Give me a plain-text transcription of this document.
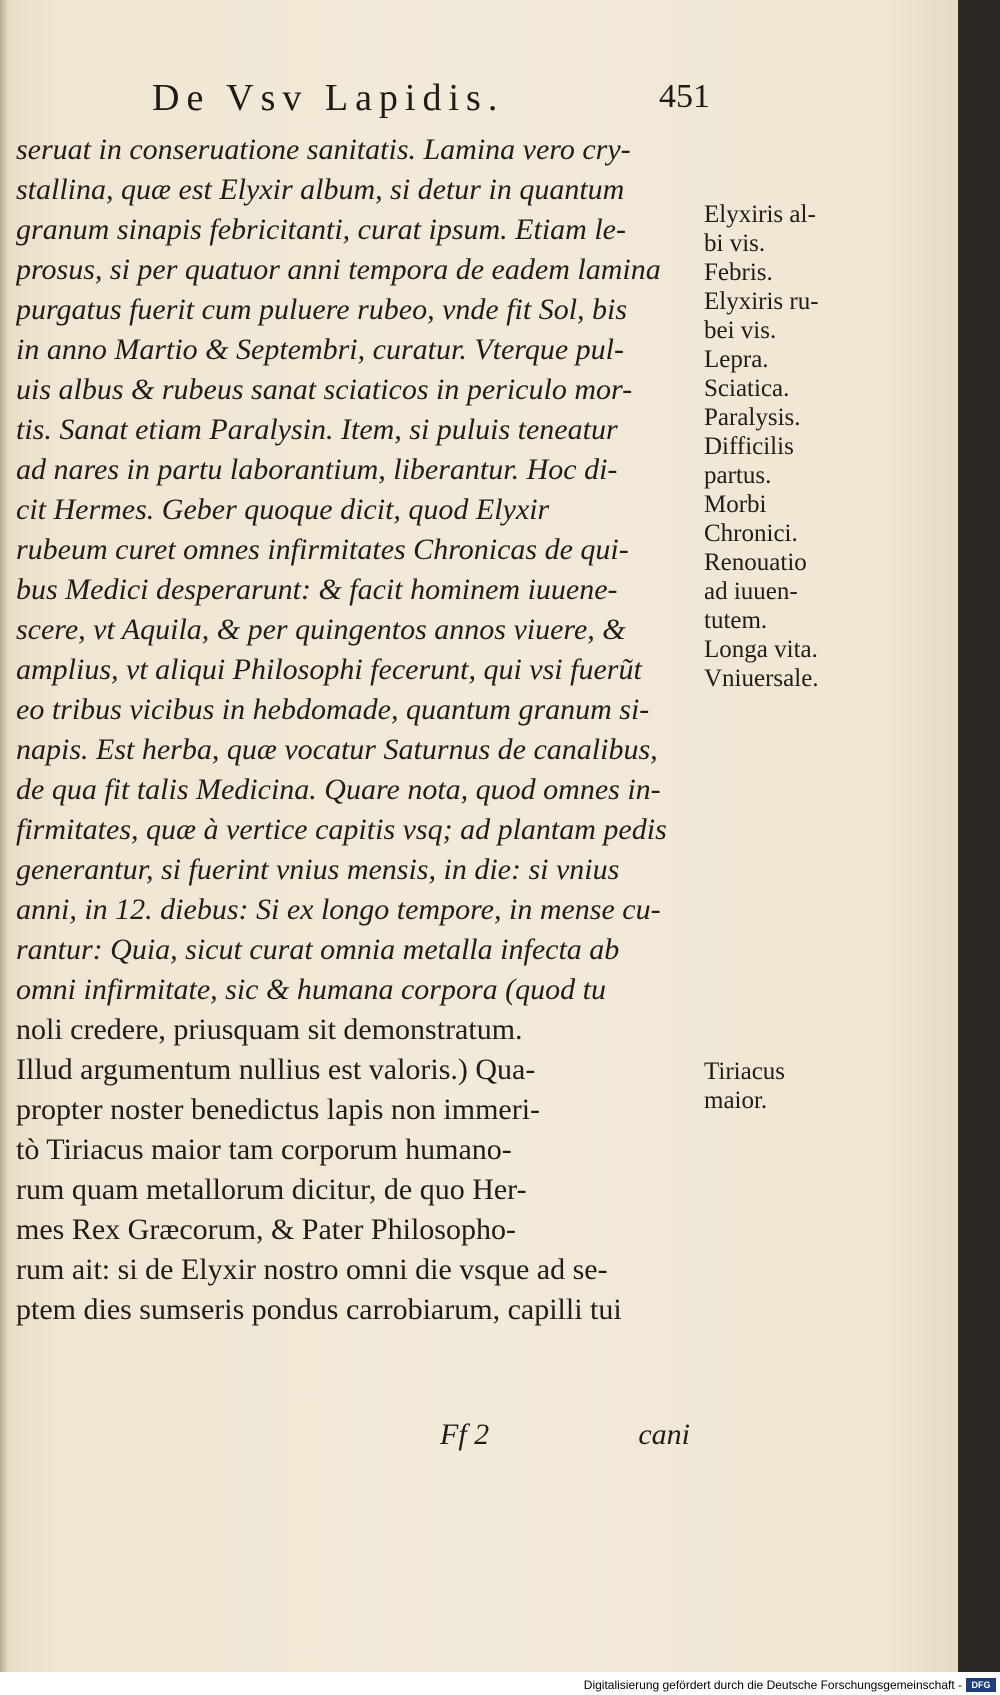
De Vsv Lapidis.	451
seruat in conseruatione sanitatis. Lamina vero cry-
stallina, quæ est Elyxir album, si detur in quantum
granum sinapis febricitanti, curat ipsum. Etiam le-
prosus, si per quatuor anni tempora de eadem lamina
purgatus fuerit cum puluere rubeo, vnde fit Sol, bis
in anno Martio & Septembri, curatur. Vterque pul-
uis albus & rubeus sanat sciaticos in periculo mor-
tis. Sanat etiam Paralysin. Item, si puluis teneatur
ad nares in partu laborantium, liberantur. Hoc di-
cit Hermes. Geber quoque dicit, quod Elyxir
rubeum curet omnes infirmitates Chronicas de qui-
bus Medici desperarunt: & facit hominem iuuene-
scere, vt Aquila, & per quingentos annos viuere, &
amplius, vt aliqui Philosophi fecerunt, qui vsi fuerũt
eo tribus vicibus in hebdomade, quantum granum si-
napis. Est herba, quæ vocatur Saturnus de canalibus,
de qua fit talis Medicina. Quare nota, quod omnes in-
firmitates, quæ à vertice capitis vsq; ad plantam pedis
generantur, si fuerint vnius mensis, in die: si vnius
anni, in 12. diebus: Si ex longo tempore, in mense cu-
rantur: Quia, sicut curat omnia metalla infecta ab
omni infirmitate, sic & humana corpora (quod tu
noli credere, priusquam sit demonstratum.
Illud argumentum nullius est valoris.) Qua-
propter noster benedictus lapis non immeri-
tò Tiriacus maior tam corporum humano-
rum quam metallorum dicitur, de quo Her-
mes Rex Græcorum, & Pater Philosopho-
rum ait: si de Elyxir nostro omni die vsque ad se-
ptem dies sumseris pondus carrobiarum, capilli tui
Elyxiris al-
bi vis.
Febris.
Elyxiris ru-
bei vis.
Lepra.
Sciatica.
Paralysis.
Difficilis
partus.
Morbi
Chronici.
Renouatio
ad iuuen-
tutem.
Longa vita.
Vniuersale.
Tiriacus
maior.
Ff 2	cani
Digitalisierung gefördert durch die Deutsche Forschungsgemeinschaft -	DFG
